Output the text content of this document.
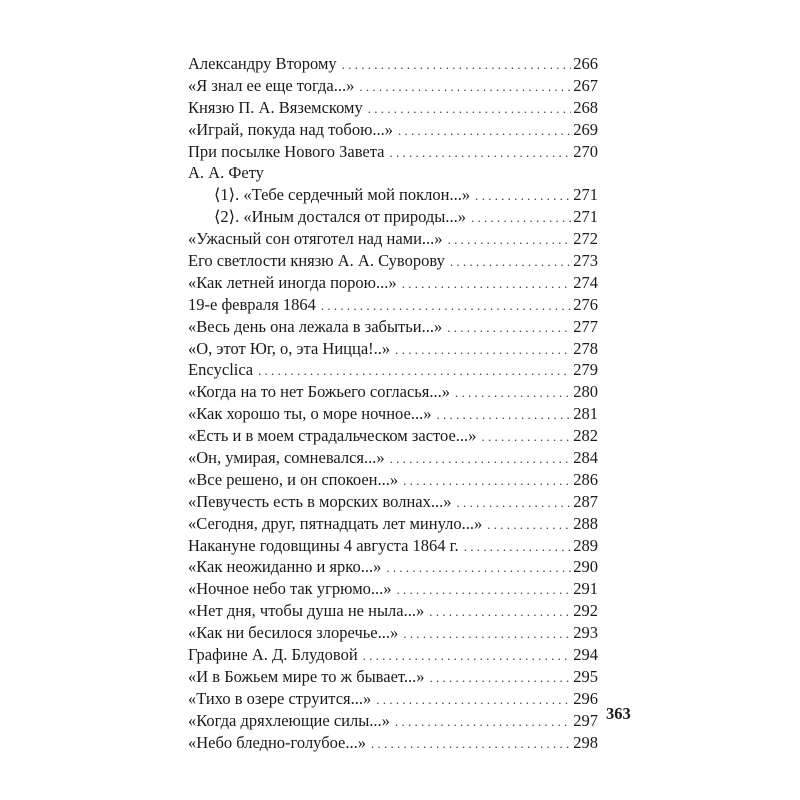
Александру Второму . . .	266
«Я знал ее еще тогда...» . . .	267
Князю П. А. Вяземскому . . .	268
«Играй, покуда над тобою...» . . .	269
При посылке Нового Завета . . .	270
А. А. Фету
⟨1⟩. «Тебе сердечный мой поклон...» . . .	271
⟨2⟩. «Иным достался от природы...» . . .	271
«Ужасный сон отяготел над нами...» . . .	272
Его светлости князю А. А. Суворову . . .	273
«Как летней иногда порою...» . . .	274
19-е февраля 1864 . . .	276
«Весь день она лежала в забытьи...» . . .	277
«О, этот Юг, о, эта Ницца!..» . . .	278
Encyclica . . .	279
«Когда на то нет Божьего согласья...» . . .	280
«Как хорошо ты, о море ночное...» . . .	281
«Есть и в моем страдальческом застое...» . . .	282
«Он, умирая, сомневался...» . . .	284
«Все решено, и он спокоен...» . . .	286
«Певучесть есть в морских волнах...» . . .	287
«Сегодня, друг, пятнадцать лет минуло...» . . .	288
Накануне годовщины 4 августа 1864 г. . . .	289
«Как неожиданно и ярко...» . . .	290
«Ночное небо так угрюмо...» . . .	291
«Нет дня, чтобы душа не ныла...» . . .	292
«Как ни бесилося злоречье...» . . .	293
Графине А. Д. Блудовой . . .	294
«И в Божьем мире то ж бывает...» . . .	295
«Тихо в озере струится...» . . .	296
«Когда дряхлеющие силы...» . . .	297
«Небо бледно-голубое...» . . .	298
363
